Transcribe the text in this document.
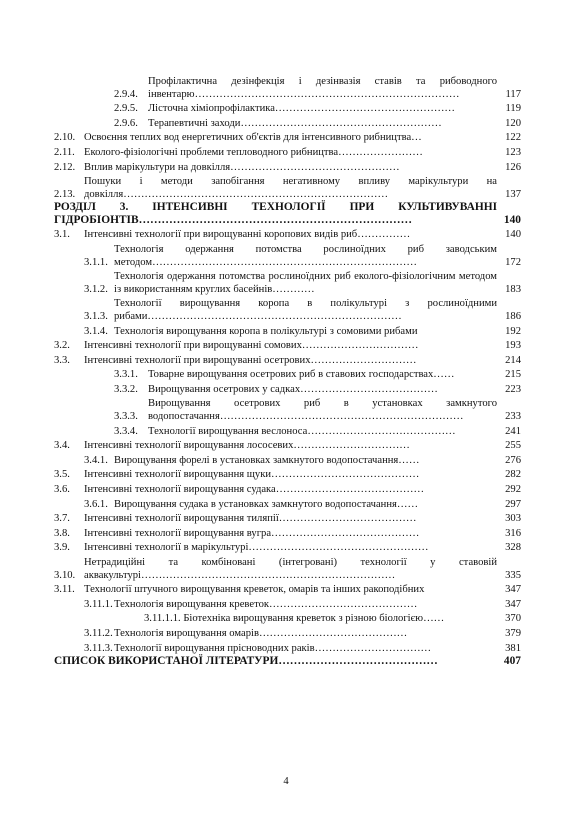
2.9.4.
Профілактична дезінфекція і дезінвазія ставів та рибоводного інвентарю…………………………………………………………………	117
2.9.5. Лісточна хіміопрофілактика……………………………………………	119
2.9.6. Терапевтичні заходи…………………………………………………	120
2.10. Освоєння теплих вод енергетичних об'єктів для інтенсивного рибництва…	122
2.11. Еколого-фізіологічні проблеми тепловодного рибництва……………………	123
2.12. Вплив марікультури на довкілля…………………………………………	126
2.13.
Пошуки і методи запобігання негативному впливу марікультури на довкілля…………………………………………………………………	137
РОЗДІЛ 3. ІНТЕНСИВНІ ТЕХНОЛОГІЇ ПРИ КУЛЬТИВУВАННІ ГІДРОБІОНТІВ………………………………………………………………	140
3.1.	Інтенсивні технології при вирощуванні коропових видів риб……………	140
3.1.1.
Технологія одержання потомства рослиноїдних риб заводським методом…………………………………………………………………	172
3.1.2.
Технологія одержання потомства рослиноїдних риб еколого-фізіологічним методом із використанням круглих басейнів…………	183
3.1.3.
Технології вирощування коропа в полікультурі з рослиноїдними рибами………………………………………………………………	186
3.1.4. Технологія вирощування коропа в полікультурі з сомовими рибами	192
3.2.	Інтенсивні технології при вирощуванні сомових……………………………	193
3.3.	Інтенсивні технології при вирощуванні осетрових…………………………	214
3.3.1. Товарне вирощування осетрових риб в ставових господарствах……	215
3.3.2. Вирощування осетрових у садках…………………………………	223
3.3.3.
Вирощування осетрових риб в установках замкнутого водопостачання……………………………………………………………	233
3.3.4. Технології вирощування веслоноса……………………………………	241
3.4.	Інтенсивні технології вирощування лососевих……………………………	255
3.4.1. Вирощування форелі в установках замкнутого водопостачання……	276
3.5.	Інтенсивні технології вирощування щуки……………………………………	282
3.6.	Інтенсивні технології вирощування судака……………………………………	292
3.6.1. Вирощування судака в установках замкнутого водопостачання……	297
3.7.	Інтенсивні технології вирощування тиляпії…………………………………	303
3.8.	Інтенсивні технології вирощування вугра……………………………………	316
3.9.	Інтенсивні технології в марікультурі……………………………………………	328
3.10.
Нетрадиційні та комбіновані (інтегровані) технології у ставовій аквакультурі………………………………………………………………	335
3.11. Технології штучного вирощування креветок, омарів та інших ракоподібних	347
3.11.1. Технологія вирощування креветок……………………………………	347
3.11.1.1. Біотехніка вирощування креветок з різною біологією……	370
3.11.2. Технологія вирощування омарів……………………………………	379
3.11.3. Технології вирощування прісноводних раків……………………………	381
СПИСОК ВИКОРИСТАНОЇ ЛІТЕРАТУРИ……………………………………	407
4
